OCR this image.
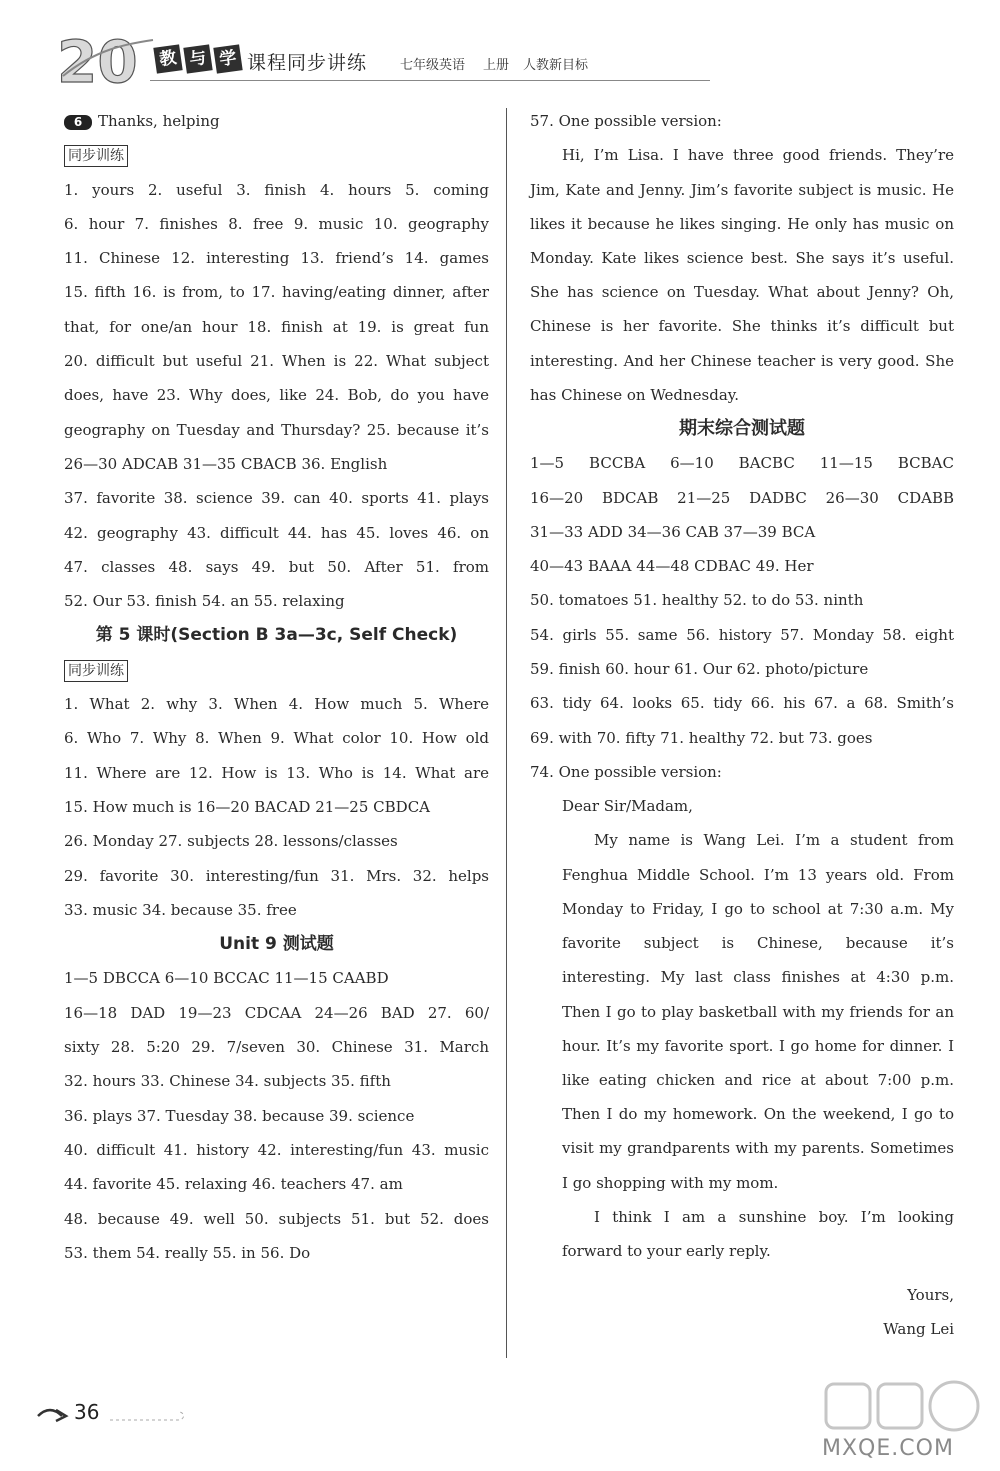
20 教 与 学 课程同步讲练	七年级英语 上册 人教新目标
6 Thanks, helping
同步训练
1. yours 2. useful 3. finish 4. hours 5. coming
6. hour 7. finishes 8. free 9. music 10. geography
11. Chinese 12. interesting 13. friend’s 14. games
15. fifth 16. is from, to 17. having/eating dinner, after
that, for one/an hour 18. finish at 19. is great fun
20. difficult but useful 21. When is 22. What subject
does, have 23. Why does, like 24. Bob, do you have
geography on Tuesday and Thursday? 25. because it’s
26—30 ADCAB 31—35 CBACB 36. English
37. favorite 38. science 39. can 40. sports 41. plays
42. geography 43. difficult 44. has 45. loves 46. on
47. classes 48. says 49. but 50. After 51. from
52. Our 53. finish 54. an 55. relaxing
第 5 课时(Section B 3a—3c, Self Check)
同步训练
1. What 2. why 3. When 4. How much 5. Where
6. Who 7. Why 8. When 9. What color 10. How old
11. Where are 12. How is 13. Who is 14. What are
15. How much is 16—20 BACAD 21—25 CBDCA
26. Monday 27. subjects 28. lessons/classes
29. favorite 30. interesting/fun 31. Mrs. 32. helps
33. music 34. because 35. free
Unit 9 测试题
1—5 DBCCA 6—10 BCCAC 11—15 CAABD
16—18 DAD 19—23 CDCAA 24—26 BAD 27. 60/
sixty 28. 5:20 29. 7/seven 30. Chinese 31. March
32. hours 33. Chinese 34. subjects 35. fifth
36. plays 37. Tuesday 38. because 39. science
40. difficult 41. history 42. interesting/fun 43. music
44. favorite 45. relaxing 46. teachers 47. am
48. because 49. well 50. subjects 51. but 52. does
53. them 54. really 55. in 56. Do
57. One possible version:
Hi, I’m Lisa. I have three good friends. They’re Jim, Kate and Jenny. Jim’s favorite subject is music. He likes it because he likes singing. He only has music on Monday. Kate likes science best. She says it’s useful. She has science on Tuesday. What about Jenny? Oh, Chinese is her favorite. She thinks it’s difficult but interesting. And her Chinese teacher is very good. She has Chinese on Wednesday.
期末综合测试题
1—5 BCCBA 6—10 BACBC 11—15 BCBAC
16—20 BDCAB 21—25 DADBC 26—30 CDABB
31—33 ADD 34—36 CAB 37—39 BCA
40—43 BAAA 44—48 CDBAC 49. Her
50. tomatoes 51. healthy 52. to do 53. ninth
54. girls 55. same 56. history 57. Monday 58. eight
59. finish 60. hour 61. Our 62. photo/picture
63. tidy 64. looks 65. tidy 66. his 67. a 68. Smith’s
69. with 70. fifty 71. healthy 72. but 73. goes
74. One possible version:
Dear Sir/Madam,
My name is Wang Lei. I’m a student from Fenghua Middle School. I’m 13 years old. From Monday to Friday, I go to school at 7:30 a.m. My favorite subject is Chinese, because it’s interesting. My last class finishes at 4:30 p.m. Then I go to play basketball with my friends for an hour. It’s my favorite sport. I go home for dinner. I like eating chicken and rice at about 7:00 p.m. Then I do my homework. On the weekend, I go to visit my grandparents with my parents. Sometimes I go shopping with my mom.
I think I am a sunshine boy. I’m looking forward to your early reply.
Yours,
Wang Lei
36
MXQE.COM
